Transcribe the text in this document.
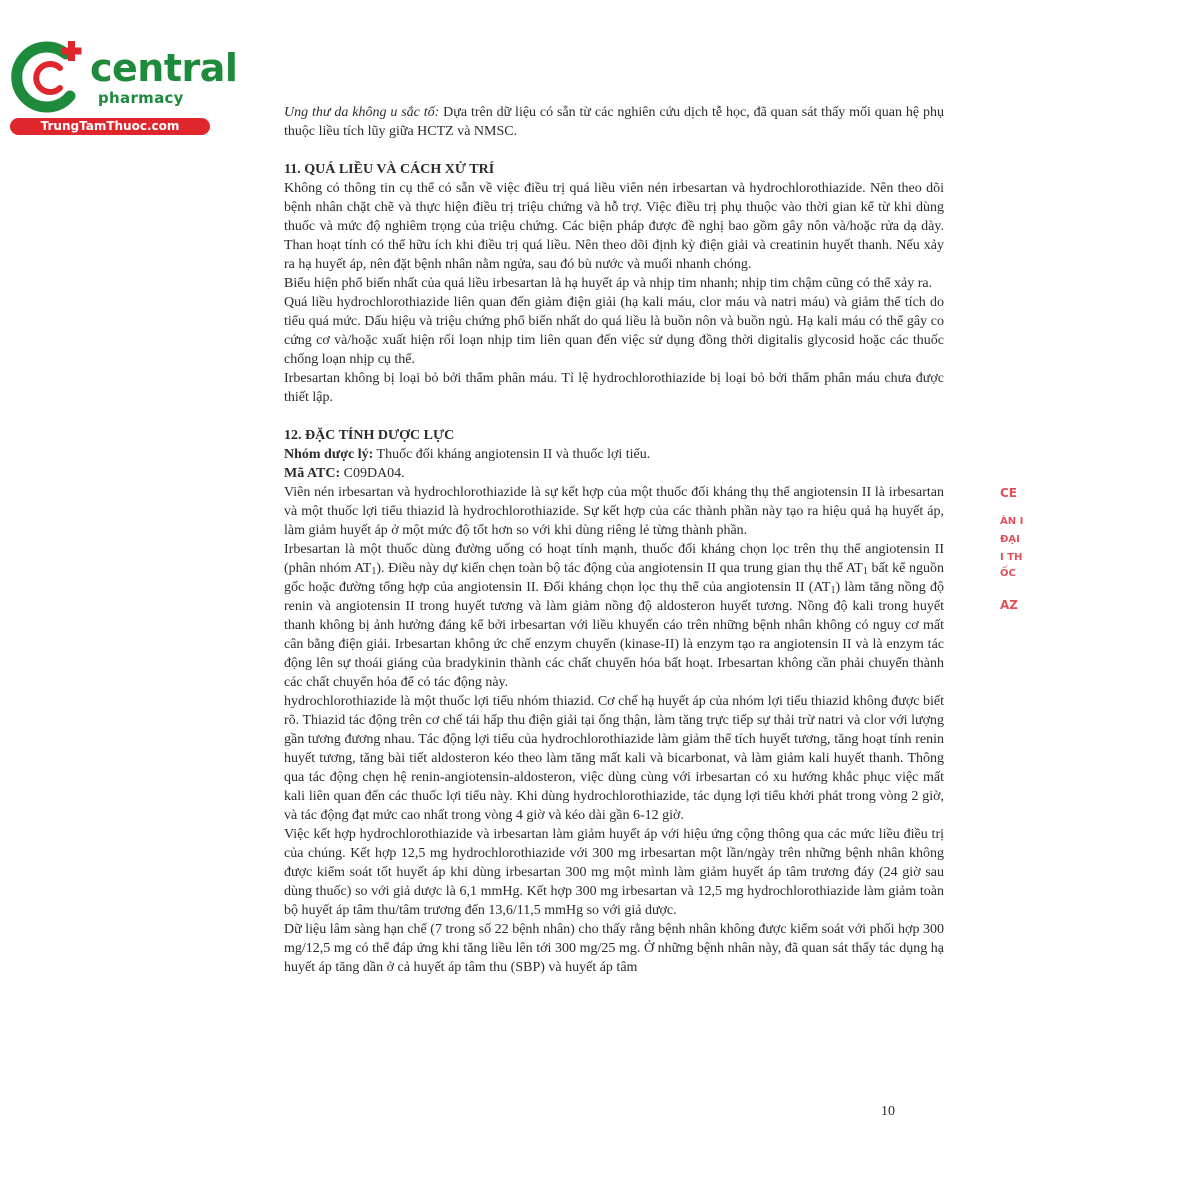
central
pharmacy
TrungTamThuoc.com

Ung thư da không u sắc tố: Dựa trên dữ liệu có sẵn từ các nghiên cứu dịch tễ học, đã quan sát thấy mối quan hệ phụ thuộc liều tích lũy giữa HCTZ và NMSC.

11. QUÁ LIỀU VÀ CÁCH XỬ TRÍ

Không có thông tin cụ thể có sẵn về việc điều trị quá liều viên nén irbesartan và hydrochlorothiazide. Nên theo dõi bệnh nhân chặt chẽ và thực hiện điều trị triệu chứng và hỗ trợ. Việc điều trị phụ thuộc vào thời gian kể từ khi dùng thuốc và mức độ nghiêm trọng của triệu chứng. Các biện pháp được đề nghị bao gồm gây nôn và/hoặc rửa dạ dày. Than hoạt tính có thể hữu ích khi điều trị quá liều. Nên theo dõi định kỳ điện giải và creatinin huyết thanh. Nếu xảy ra hạ huyết áp, nên đặt bệnh nhân nằm ngửa, sau đó bù nước và muối nhanh chóng.

Biểu hiện phổ biến nhất của quá liều irbesartan là hạ huyết áp và nhịp tim nhanh; nhịp tim chậm cũng có thể xảy ra.

Quá liều hydrochlorothiazide liên quan đến giảm điện giải (hạ kali máu, clor máu và natri máu) và giảm thể tích do tiểu quá mức. Dấu hiệu và triệu chứng phổ biến nhất do quá liều là buồn nôn và buồn ngủ. Hạ kali máu có thể gây co cứng cơ và/hoặc xuất hiện rối loạn nhịp tim liên quan đến việc sử dụng đồng thời digitalis glycosid hoặc các thuốc chống loạn nhịp cụ thể.

Irbesartan không bị loại bỏ bởi thẩm phân máu. Tỉ lệ hydrochlorothiazide bị loại bỏ bởi thẩm phân máu chưa được thiết lập.

12. ĐẶC TÍNH DƯỢC LỰC

Nhóm dược lý: Thuốc đối kháng angiotensin II và thuốc lợi tiểu.

Mã ATC: C09DA04.

Viên nén irbesartan và hydrochlorothiazide là sự kết hợp của một thuốc đối kháng thụ thể angiotensin II là irbesartan và một thuốc lợi tiểu thiazid là hydrochlorothiazide. Sự kết hợp của các thành phần này tạo ra hiệu quả hạ huyết áp, làm giảm huyết áp ở một mức độ tốt hơn so với khi dùng riêng lẻ từng thành phần.

Irbesartan là một thuốc dùng đường uống có hoạt tính mạnh, thuốc đối kháng chọn lọc trên thụ thể angiotensin II (phân nhóm $AT_1$). Điều này dự kiến chẹn toàn bộ tác động của angiotensin II qua trung gian thụ thể $AT_1$ bất kể nguồn gốc hoặc đường tổng hợp của angiotensin II. Đối kháng chọn lọc thụ thể của angiotensin II $(AT_1)$ làm tăng nồng độ renin và angiotensin II trong huyết tương và làm giảm nồng độ aldosteron huyết tương. Nồng độ kali trong huyết thanh không bị ảnh hưởng đáng kể bởi irbesartan với liều khuyến cáo trên những bệnh nhân không có nguy cơ mất cân bằng điện giải. Irbesartan không ức chế enzym chuyển (kinase-II) là enzym tạo ra angiotensin II và là enzym tác động lên sự thoái giáng của bradykinin thành các chất chuyển hóa bất hoạt. Irbesartan không cần phải chuyển thành các chất chuyển hóa để có tác động này.

hydrochlorothiazide là một thuốc lợi tiểu nhóm thiazid. Cơ chế hạ huyết áp của nhóm lợi tiểu thiazid không được biết rõ. Thiazid tác động trên cơ chế tái hấp thu điện giải tại ống thận, làm tăng trực tiếp sự thải trừ natri và clor với lượng gần tương đương nhau. Tác động lợi tiểu của hydrochlorothiazide làm giảm thể tích huyết tương, tăng hoạt tính renin huyết tương, tăng bài tiết aldosteron kéo theo làm tăng mất kali và bicarbonat, và làm giảm kali huyết thanh. Thông qua tác động chẹn hệ renin-angiotensin-aldosteron, việc dùng cùng với irbesartan có xu hướng khắc phục việc mất kali liên quan đến các thuốc lợi tiểu này. Khi dùng hydrochlorothiazide, tác dụng lợi tiểu khởi phát trong vòng 2 giờ, và tác động đạt mức cao nhất trong vòng 4 giờ và kéo dài gần 6-12 giờ.

Việc kết hợp hydrochlorothiazide và irbesartan làm giảm huyết áp với hiệu ứng cộng thông qua các mức liều điều trị của chúng. Kết hợp 12,5 mg hydrochlorothiazide với 300 mg irbesartan một lần/ngày trên những bệnh nhân không được kiểm soát tốt huyết áp khi dùng irbesartan 300 mg một mình làm giảm huyết áp tâm trương đáy (24 giờ sau dùng thuốc) so với giả dược là 6,1 mmHg. Kết hợp 300 mg irbesartan và 12,5 mg hydrochlorothiazide làm giảm toàn bộ huyết áp tâm thu/tâm trương đến 13,6/11,5 mmHg so với giả dược.

Dữ liệu lâm sàng hạn chế (7 trong số 22 bệnh nhân) cho thấy rằng bệnh nhân không được kiểm soát với phối hợp 300 mg/12,5 mg có thể đáp ứng khi tăng liều lên tới 300 mg/25 mg. Ở những bệnh nhân này, đã quan sát thấy tác dụng hạ huyết áp tăng dần ở cả huyết áp tâm thu (SBP) và huyết áp tâm

10
CE
ÀN I
ĐẠI
I TH
ỐC
AZ
